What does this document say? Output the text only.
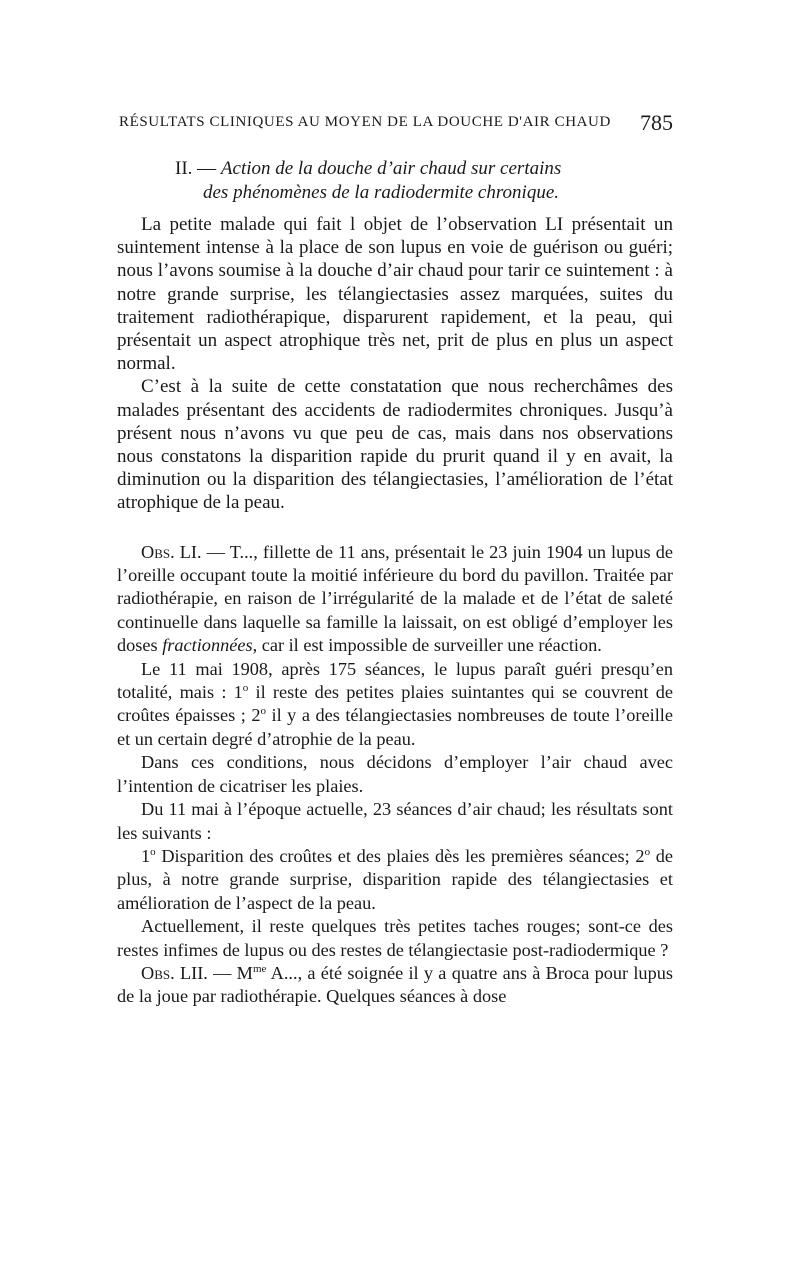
RÉSULTATS CLINIQUES AU MOYEN DE LA DOUCHE D'AIR CHAUD 785
II. — Action de la douche d’air chaud sur certains
des phénomènes de la radiodermite chronique.

La petite malade qui fait l objet de l’observation LI présentait un suintement intense à la place de son lupus en voie de guérison ou guéri; nous l’avons soumise à la douche d’air chaud pour tarir ce suintement : à notre grande surprise, les télangiectasies assez marquées, suites du traitement radiothérapique, disparurent rapidement, et la peau, qui présentait un aspect atrophique très net, prit de plus en plus un aspect normal.

C’est à la suite de cette constatation que nous recherchâmes des malades présentant des accidents de radiodermites chroniques. Jusqu’à présent nous n’avons vu que peu de cas, mais dans nos observations nous constatons la disparition rapide du prurit quand il y en avait, la diminution ou la disparition des télangiectasies, l’amélioration de l’état atrophique de la peau.

Obs. LI. — T..., fillette de 11 ans, présentait le 23 juin 1904 un lupus de l’oreille occupant toute la moitié inférieure du bord du pavillon. Traitée par radiothérapie, en raison de l’irrégularité de la malade et de l’état de saleté continuelle dans laquelle sa famille la laissait, on est obligé d’employer les doses fractionnées, car il est impossible de surveiller une réaction.

Le 11 mai 1908, après 175 séances, le lupus paraît guéri presqu’en totalité, mais : 1$^o$ il reste des petites plaies suintantes qui se couvrent de croûtes épaisses ; 2$^o$ il y a des télangiectasies nombreuses de toute l’oreille et un certain degré d’atrophie de la peau.

Dans ces conditions, nous décidons d’employer l’air chaud avec l’intention de cicatriser les plaies.

Du 11 mai à l’époque actuelle, 23 séances d’air chaud; les résultats sont les suivants :

1$^o$ Disparition des croûtes et des plaies dès les premières séances; 2$^o$ de plus, à notre grande surprise, disparition rapide des télangiectasies et amélioration de l’aspect de la peau.

Actuellement, il reste quelques très petites taches rouges; sont-ce des restes infimes de lupus ou des restes de télangiectasie post-radiodermique ?

Obs. LII. — $M^{me}$ A..., a été soignée il y a quatre ans à Broca pour lupus de la joue par radiothérapie. Quelques séances à dose
